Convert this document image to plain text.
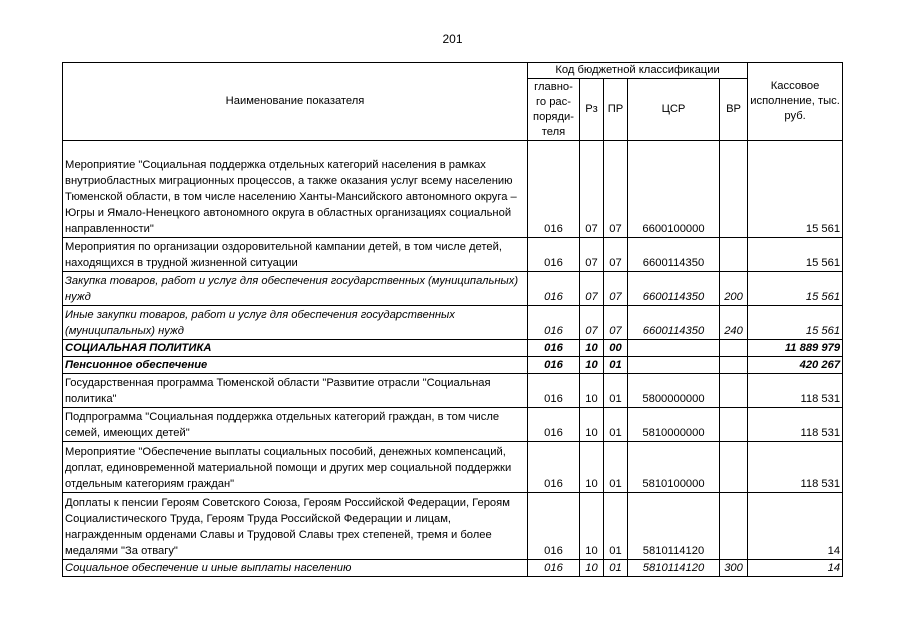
201
Наименование показателя	Код бюджетной классификации					Кассовое исполнение, тыс. руб.
	главно-го рас-поряди-теля	Рз	ПР	ЦСР	ВР	
Мероприятие "Социальная поддержка отдельных категорий населения в рамках внутриобластных миграционных процессов, а также оказания услуг всему населению Тюменской области, в том числе населению Ханты-Мансийского автономного округа – Югры и Ямало-Ненецкого автономного округа в областных организациях социальной направленности"	016	07	07	6600100000		15 561
Мероприятия по организации оздоровительной кампании детей, в том числе детей, находящихся в трудной жизненной ситуации	016	07	07	6600114350		15 561
Закупка товаров, работ и услуг для обеспечения государственных (муниципальных) нужд	016	07	07	6600114350	200	15 561
Иные закупки товаров, работ и услуг для обеспечения государственных (муниципальных) нужд	016	07	07	6600114350	240	15 561
СОЦИАЛЬНАЯ ПОЛИТИКА	016	10	00			11 889 979
Пенсионное обеспечение	016	10	01			420 267
Государственная программа Тюменской области "Развитие отрасли "Социальная политика"	016	10	01	5800000000		118 531
Подпрограмма "Социальная поддержка отдельных категорий граждан, в том числе семей, имеющих детей"	016	10	01	5810000000		118 531
Мероприятие "Обеспечение выплаты социальных пособий, денежных компенсаций, доплат, единовременной материальной помощи и других мер социальной поддержки отдельным категориям граждан"	016	10	01	5810100000		118 531
Доплаты к пенсии Героям Советского Союза, Героям Российской Федерации, Героям Социалистического Труда, Героям Труда Российской Федерации и лицам, награжденным орденами Славы и Трудовой Славы трех степеней, тремя и более медалями "За отвагу"	016	10	01	5810114120		14
Социальное обеспечение и иные выплаты населению	016	10	01	5810114120	300	14
